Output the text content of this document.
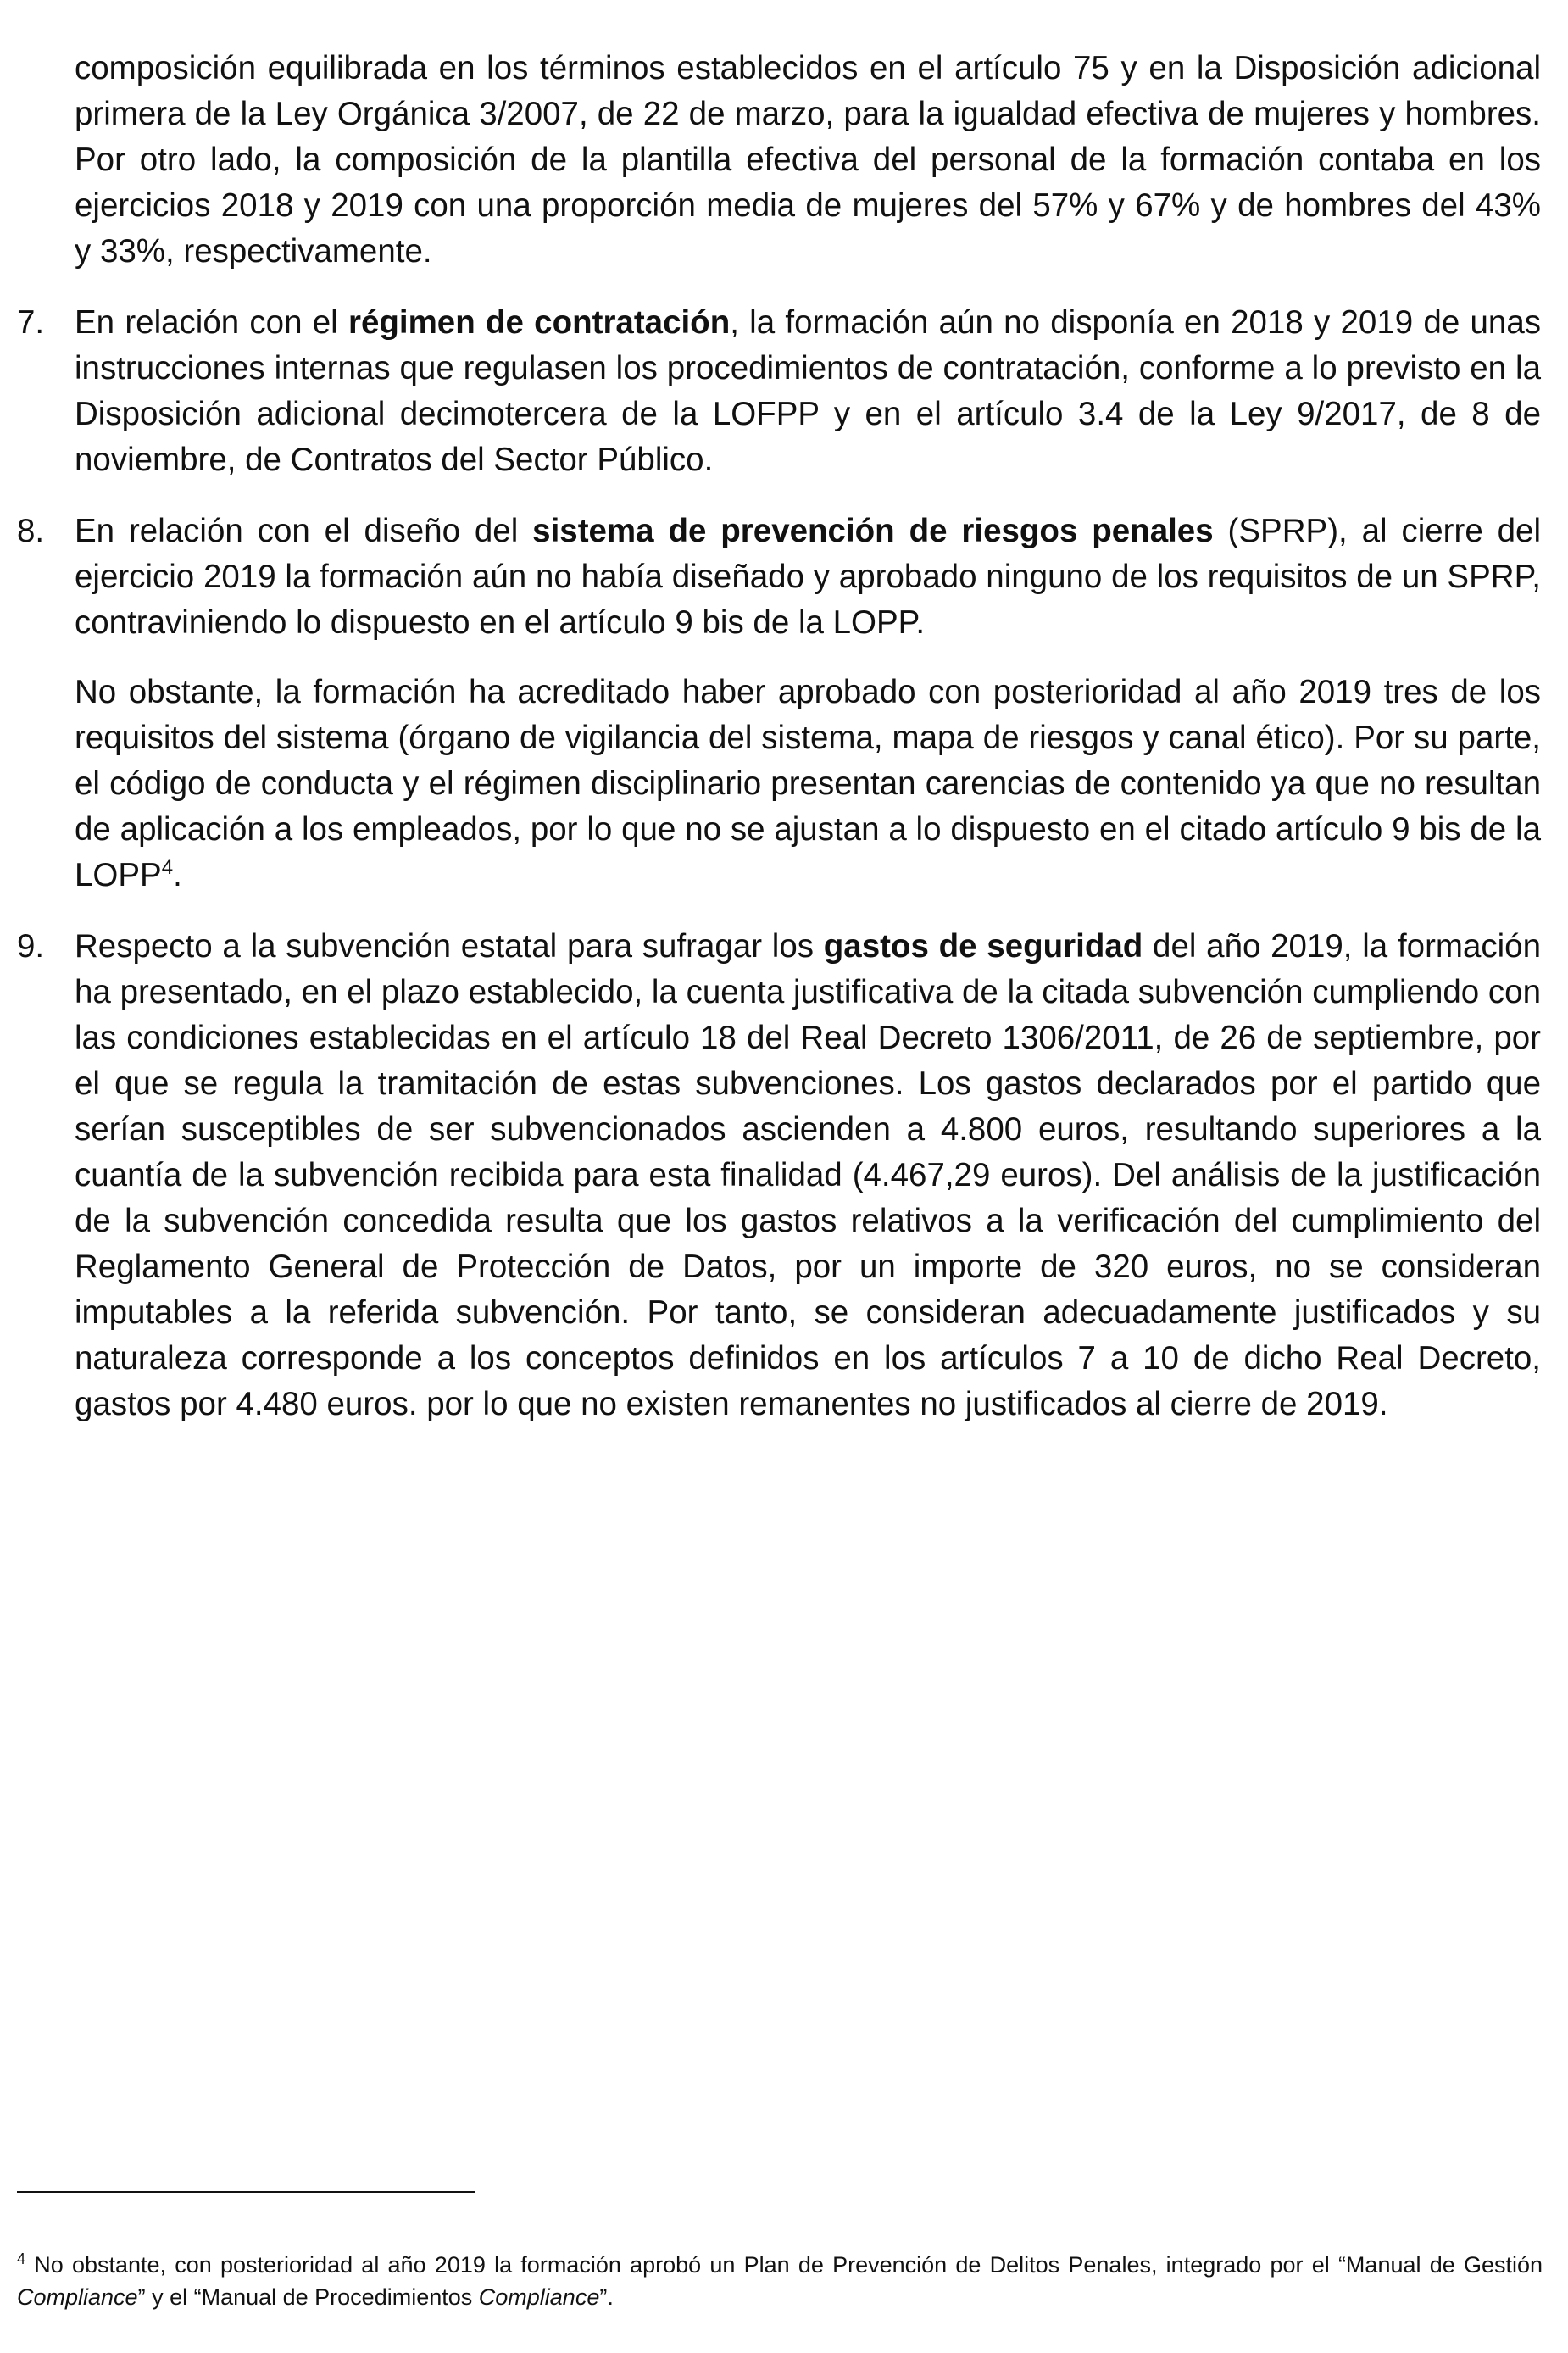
composición equilibrada en los términos establecidos en el artículo 75 y en la Disposición adicional primera de la Ley Orgánica 3/2007, de 22 de marzo, para la igualdad efectiva de mujeres y hombres. Por otro lado, la composición de la plantilla efectiva del personal de la formación contaba en los ejercicios 2018 y 2019 con una proporción media de mujeres del 57% y 67% y de hombres del 43% y 33%, respectivamente.

7. En relación con el régimen de contratación, la formación aún no disponía en 2018 y 2019 de unas instrucciones internas que regulasen los procedimientos de contratación, conforme a lo previsto en la Disposición adicional decimotercera de la LOFPP y en el artículo 3.4 de la Ley 9/2017, de 8 de noviembre, de Contratos del Sector Público.

8. En relación con el diseño del sistema de prevención de riesgos penales (SPRP), al cierre del ejercicio 2019 la formación aún no había diseñado y aprobado ninguno de los requisitos de un SPRP, contraviniendo lo dispuesto en el artículo 9 bis de la LOPP.

No obstante, la formación ha acreditado haber aprobado con posterioridad al año 2019 tres de los requisitos del sistema (órgano de vigilancia del sistema, mapa de riesgos y canal ético). Por su parte, el código de conducta y el régimen disciplinario presentan carencias de contenido ya que no resultan de aplicación a los empleados, por lo que no se ajustan a lo dispuesto en el citado artículo 9 bis de la LOPP$^4$.

9. Respecto a la subvención estatal para sufragar los gastos de seguridad del año 2019, la formación ha presentado, en el plazo establecido, la cuenta justificativa de la citada subvención cumpliendo con las condiciones establecidas en el artículo 18 del Real Decreto 1306/2011, de 26 de septiembre, por el que se regula la tramitación de estas subvenciones. Los gastos declarados por el partido que serían susceptibles de ser subvencionados ascienden a 4.800 euros, resultando superiores a la cuantía de la subvención recibida para esta finalidad (4.467,29 euros). Del análisis de la justificación de la subvención concedida resulta que los gastos relativos a la verificación del cumplimiento del Reglamento General de Protección de Datos, por un importe de 320 euros, no se consideran imputables a la referida subvención. Por tanto, se consideran adecuadamente justificados y su naturaleza corresponde a los conceptos definidos en los artículos 7 a 10 de dicho Real Decreto, gastos por 4.480 euros. por lo que no existen remanentes no justificados al cierre de 2019.

$^4$ No obstante, con posterioridad al año 2019 la formación aprobó un Plan de Prevención de Delitos Penales, integrado por el “Manual de Gestión Compliance” y el “Manual de Procedimientos Compliance”.
